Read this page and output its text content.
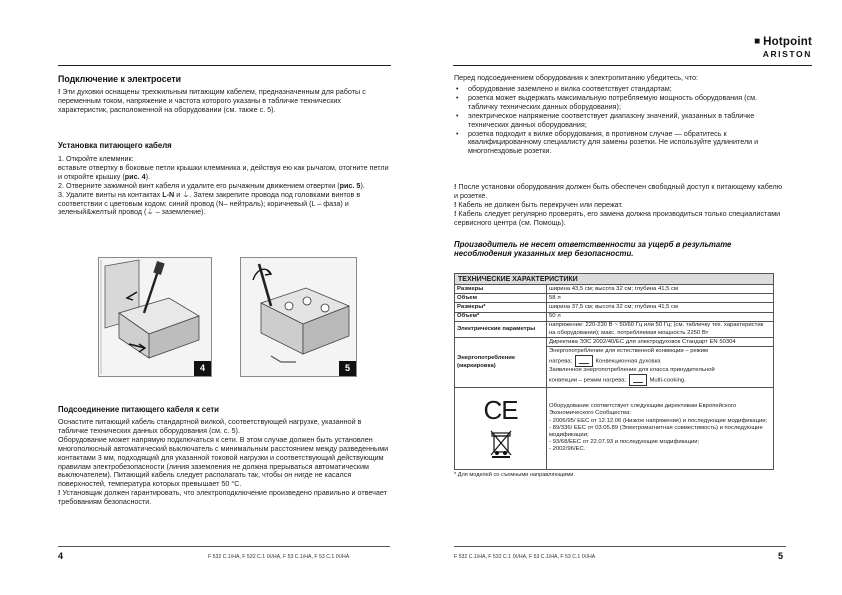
Подключение к электросети
! Эти духовки оснащены трехжильным питающим кабелем, предназначенным для работы с переменным током, напряжение и частота которого указаны в табличке технических характеристик, расположенной на оборудовании (см. также с. 5).
Установка питающего кабеля
1. Откройте клеммник:
вставьте отвертку в боковые петли крышки клеммника и, действуя ею как рычагом, отогните петли и откройте крышку (рис. 4).
2. Отверните зажимной винт кабеля и удалите его рычажным движением отвертки (рис. 5).
3. Удалите винты на контактах L-N и ⏚. Затем закрепите провода под головками винтов в соответствии с цветовым кодом: синий провод (N– нейтраль); коричневый (L – фаза) и зеленый&желтый провод (⏚ – заземление).
4	5
Подсоединение питающего кабеля к сети
Оснастите питающий кабель стандартной вилкой, соответствующей нагрузке, указанной в табличке технических данных оборудования (см. с. 5).
Оборудование может напрямую подключаться к сети. В этом случае должен быть установлен многополюсный автоматический выключатель с минимальным расстоянием между разведенными контактами 3 мм, подходящий для указанной токовой нагрузки и соответствующий действующим правилам электробезопасности (линия заземления не должна прерываться автоматическим выключателем). Питающий кабель следует располагать так, чтобы он нигде не касался поверхностей, температура которых превышает 50 °C.
! Установщик должен гарантировать, что электроподключение произведено правильно и отвечает требованиям безопасности.
4	F 532 C.1/HA, F 532 C.1 IX/HA, F 53 C.1/HA, F 53 C.1 IX/HA
■ Hotpoint
ARISTON
Перед подсоединением оборудования к электропитанию убедитесь, что:
• оборудование заземлено и вилка соответствует стандартам;
• розетка может выдержать максимальную потребляемую мощность оборудования (см. табличку технических данных оборудования);
• электрическое напряжение соответствует диапазону значений, указанных в табличке технических данных оборудования;
• розетка подходит к вилке оборудования, в противном случае — обратитесь к квалифицированному специалисту для замены розетки. Не используйте удлинители и многогнездовые розетки.
! После установки оборудования должен быть обеспечен свободный доступ к питающему кабелю и розетке.
! Кабель не должен быть перекручен или пережат.
! Кабель следует регулярно проверять, его замена должна производиться только специалистами сервисного центра (см. Помощь).
Производитель не несет ответственности за ущерб в результате несоблюдения указанных мер безопасности.
ТЕХНИЧЕСКИЕ ХАРАКТЕРИСТИКИ	
Размеры	ширина 43,5 см; высота 32 см; глубина 41,5 см
Объем	58 л
Размеры*	ширина 37,5 см; высота 32 см; глубина 41,5 см
Объем*	50 л
Электрические параметры	напряжение: 220-230 В ~ 50/60 Гц или 50 Гц; (см. табличку тех. характеристик на оборудовании); макс. потребляемая мощность 2250 Вт
Энергопотребление (маркировка)	Директива ЭЗС 2002/40/ЕС для электродуховок Стандарт EN 50304

	Энергопотребление для естественной конвекции – режим
нагрева: Конвекционная духовка
Заявленное энергопотребление для класса принудительной
конвекции – режим нагрева: Multi-cooking.

CE	Оборудование соответствует следующим директивам Европейского Экономического Сообщества:
- 2006/95/ EEC от 12.12.06 (Низкое напряжение) и последующие модификации;
- 89/336/ EEC от 03.05.89 (Электромагнитная совместимость) и последующие модификации;
- 93/68/EEC от 22.07.93 и последующие модификации;
- 2002/96/EC.
* Для моделей со съемными направляющими.
F 532 C.1/HA, F 532 C.1 IX/HA, F 53 C.1/HA, F 53 C.1 IX/HA	5
